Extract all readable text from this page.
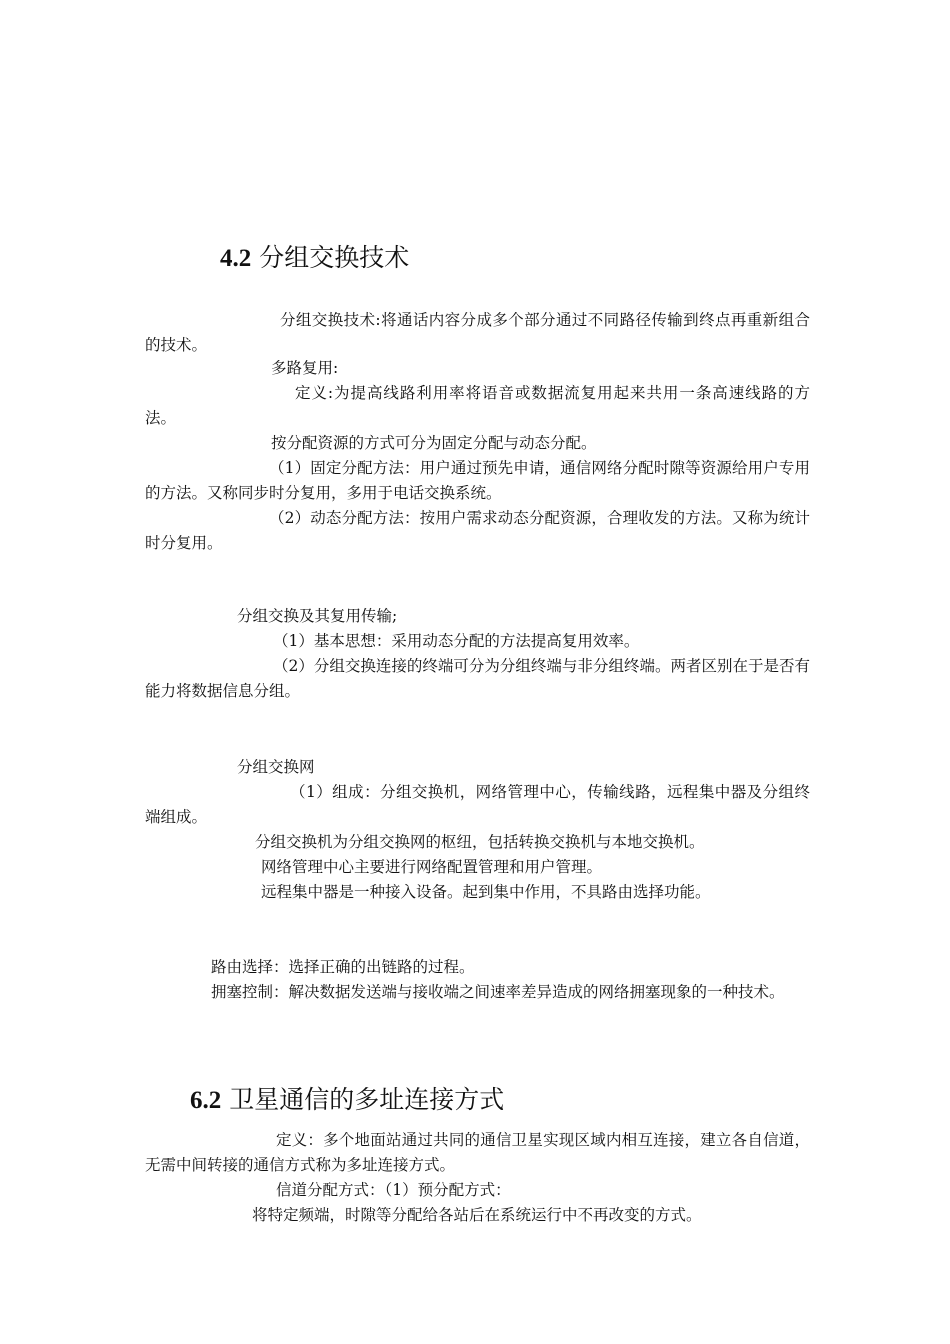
4.2 分组交换技术
分组交换技术:将通话内容分成多个部分通过不同路径传输到终点再重新组合的技术。
多路复用:
定义:为提高线路利用率将语音或数据流复用起来共用一条高速线路的方法。
按分配资源的方式可分为固定分配与动态分配。
（1）固定分配方法：用户通过预先申请，通信网络分配时隙等资源给用户专用的方法。又称同步时分复用，多用于电话交换系统。
（2）动态分配方法：按用户需求动态分配资源，合理收发的方法。又称为统计时分复用。
分组交换及其复用传输;
（1）基本思想：采用动态分配的方法提高复用效率。
（2）分组交换连接的终端可分为分组终端与非分组终端。两者区别在于是否有能力将数据信息分组。
分组交换网
（1）组成：分组交换机，网络管理中心，传输线路，远程集中器及分组终端组成。
分组交换机为分组交换网的枢纽，包括转换交换机与本地交换机。
网络管理中心主要进行网络配置管理和用户管理。
远程集中器是一种接入设备。起到集中作用，不具路由选择功能。
路由选择：选择正确的出链路的过程。
拥塞控制：解决数据发送端与接收端之间速率差异造成的网络拥塞现象的一种技术。
6.2 卫星通信的多址连接方式
定义：多个地面站通过共同的通信卫星实现区域内相互连接，建立各自信道，无需中间转接的通信方式称为多址连接方式。
信道分配方式：（1）预分配方式：
将特定频端，时隙等分配给各站后在系统运行中不再改变的方式。
